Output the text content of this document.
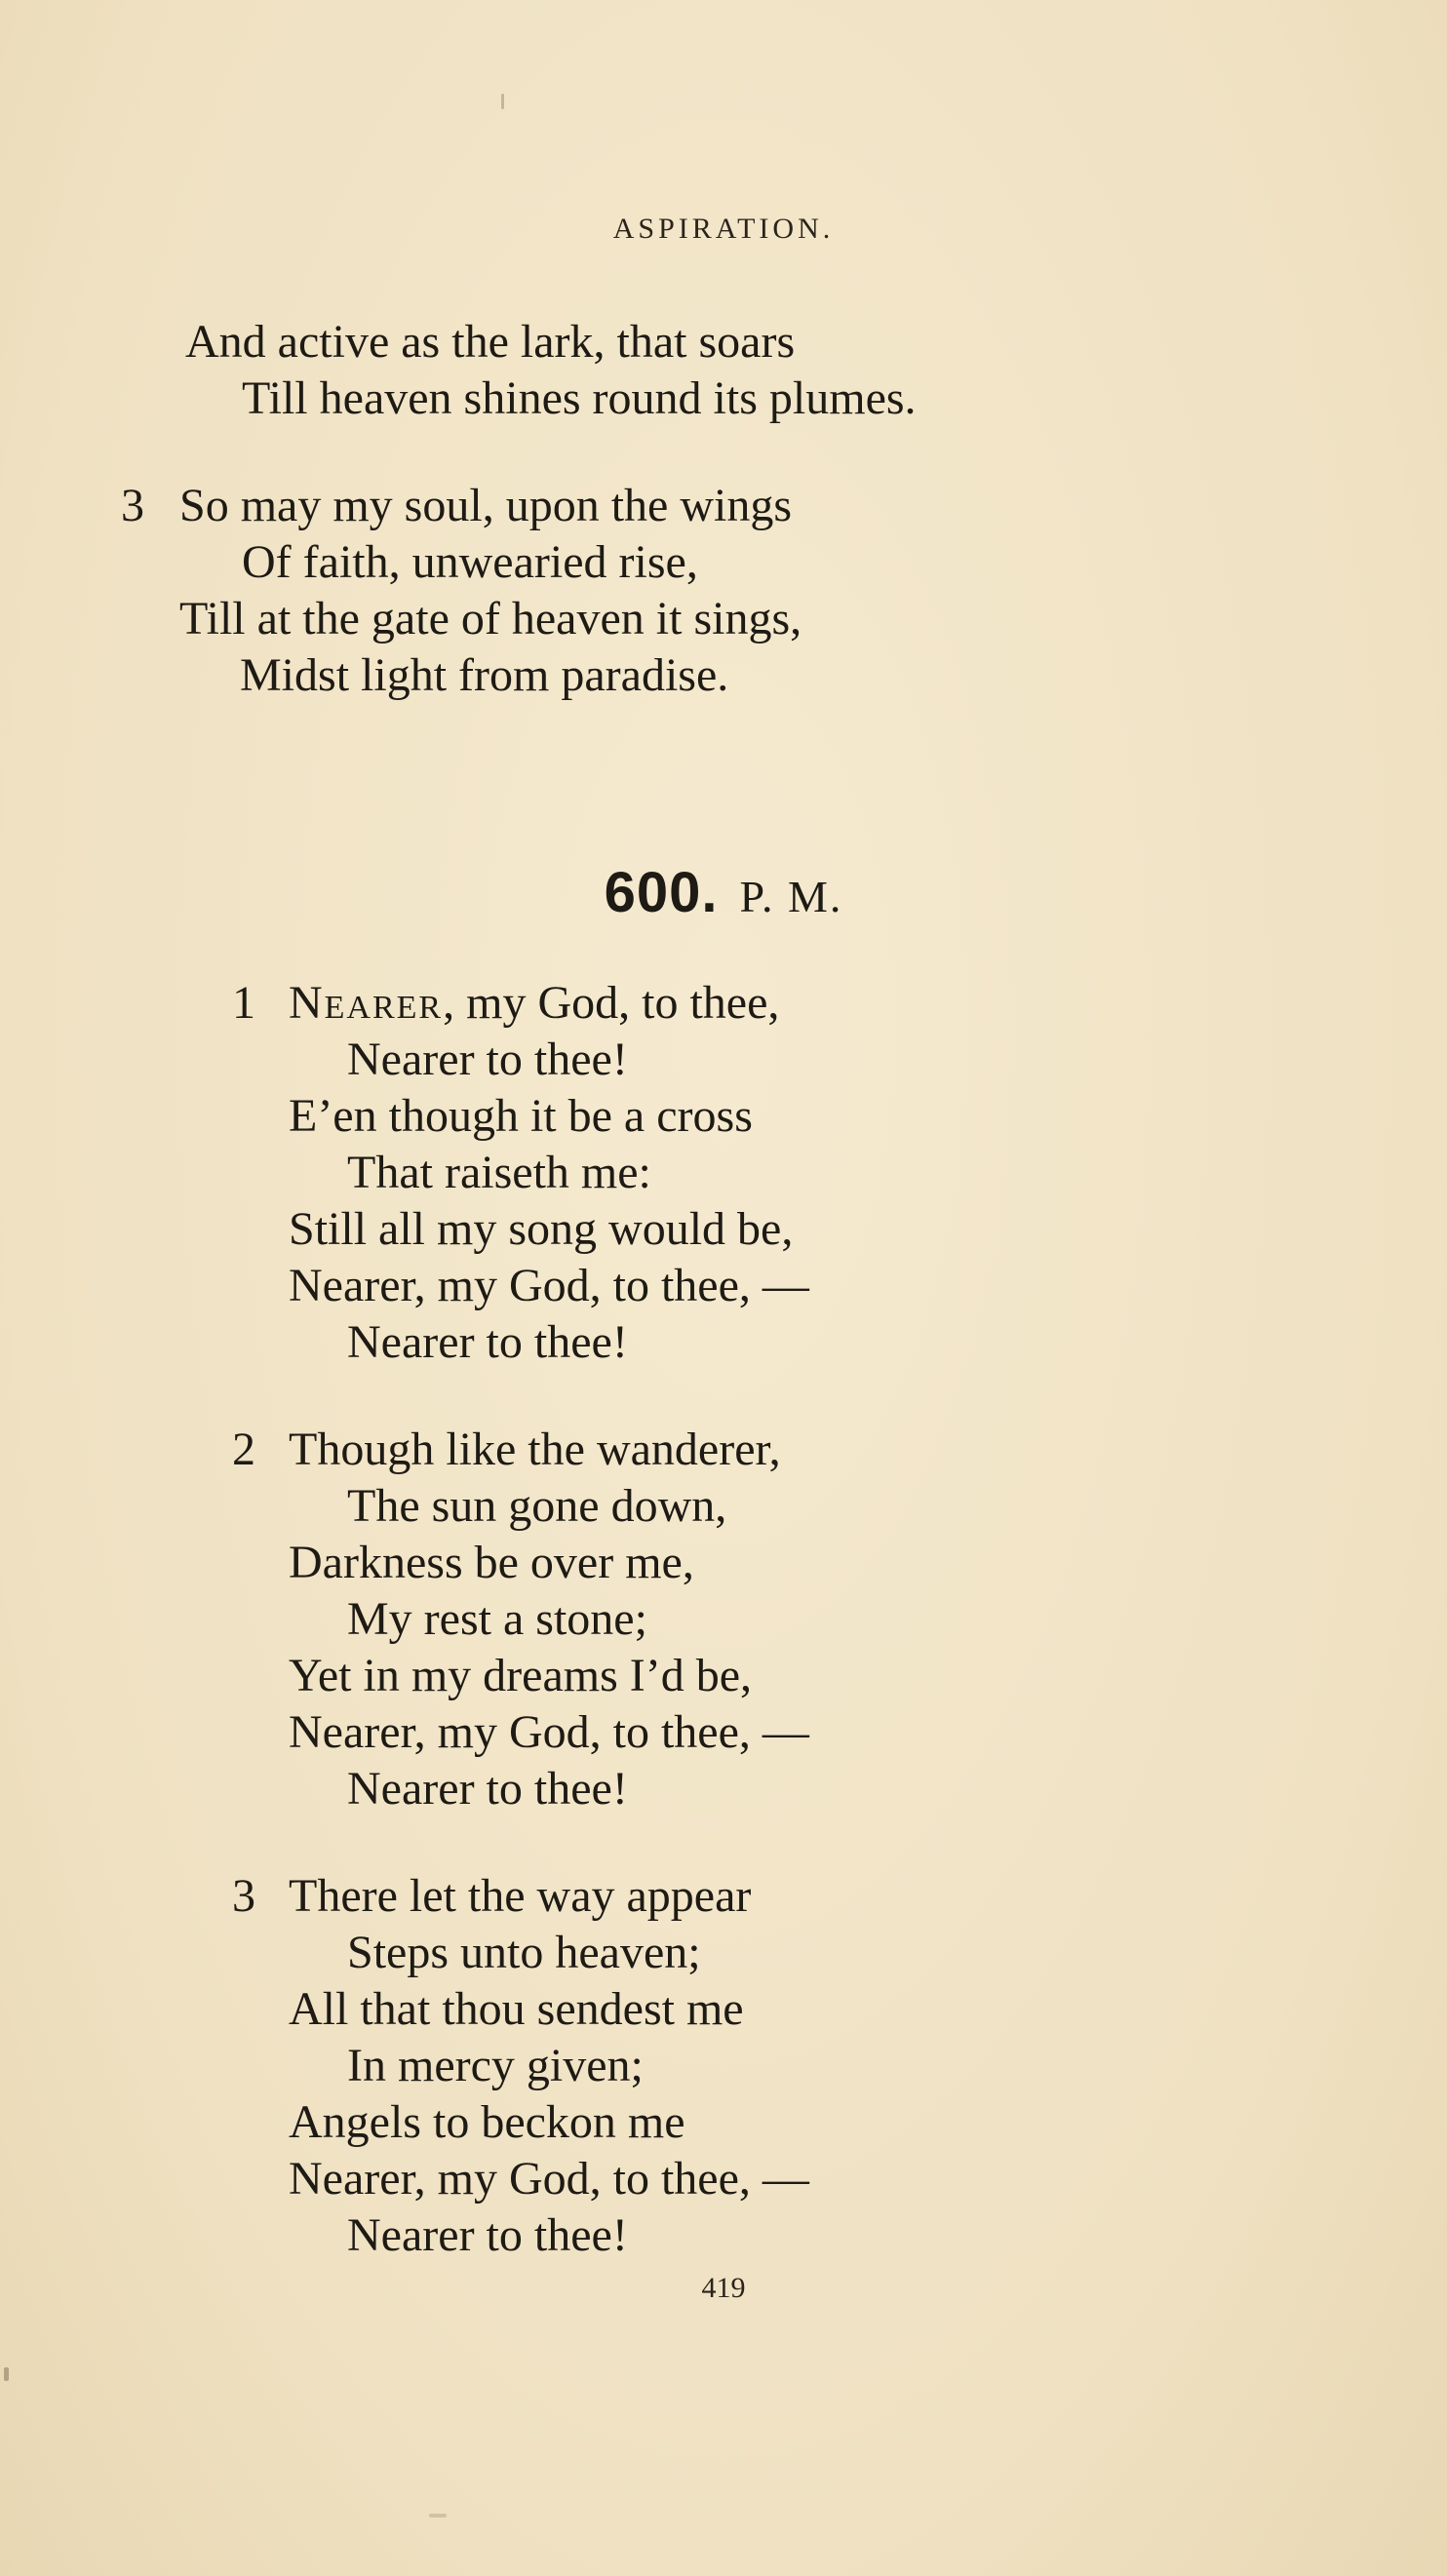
ASPIRATION.
And active as the lark, that soars
Till heaven shines round its plumes.
3 So may my soul, upon the wings
Of faith, unwearied rise,
Till at the gate of heaven it sings,
Midst light from paradise.
600. P. M.
1 Nearer, my God, to thee,
Nearer to thee!
E’en though it be a cross
That raiseth me:
Still all my song would be,
Nearer, my God, to thee, —
Nearer to thee!
2 Though like the wanderer,
The sun gone down,
Darkness be over me,
My rest a stone;
Yet in my dreams I’d be,
Nearer, my God, to thee, —
Nearer to thee!
3 There let the way appear
Steps unto heaven;
All that thou sendest me
In mercy given;
Angels to beckon me
Nearer, my God, to thee, —
Nearer to thee!
419
